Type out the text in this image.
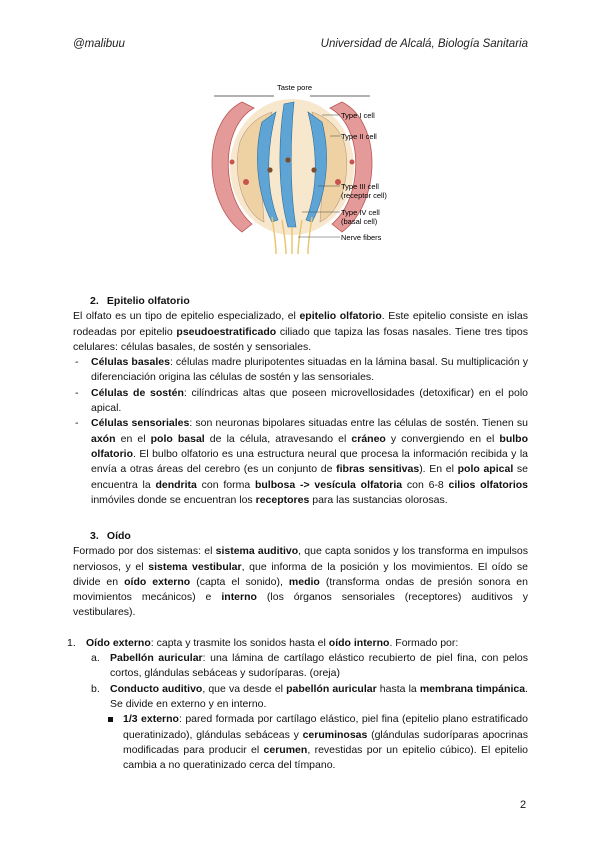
@malibuu	Universidad de Alcalá, Biología Sanitaria
Taste pore
Type I cell
Type II cell
Type III cell
(receptor cell)
Type IV cell
(basal cell)
Nerve fibers
2. Epitelio olfatorio

El olfato es un tipo de epitelio especializado, el epitelio olfatorio. Este epitelio consiste en islas rodeadas por epitelio pseudoestratificado ciliado que tapiza las fosas nasales. Tiene tres tipos celulares: células basales, de sostén y sensoriales.

- Células basales: células madre pluripotentes situadas en la lámina basal. Su multiplicación y diferenciación origina las células de sostén y las sensoriales.
- Células de sostén: cilíndricas altas que poseen microvellosidades (detoxificar) en el polo apical.
- Células sensoriales: son neuronas bipolares situadas entre las células de sostén. Tienen su axón en el polo basal de la célula, atravesando el cráneo y convergiendo en el bulbo olfatorio. El bulbo olfatorio es una estructura neural que procesa la información recibida y la envía a otras áreas del cerebro (es un conjunto de fibras sensitivas). En el polo apical se encuentra la dendrita con forma bulbosa -> vesícula olfatoria con 6-8 cilios olfatorios inmóviles donde se encuentran los receptores para las sustancias olorosas.
3. Oído

Formado por dos sistemas: el sistema auditivo, que capta sonidos y los transforma en impulsos nerviosos, y el sistema vestibular, que informa de la posición y los movimientos. El oído se divide en oído externo (capta el sonido), medio (transforma ondas de presión sonora en movimientos mecánicos) e interno (los órganos sensoriales (receptores) auditivos y vestibulares).

1. Oído externo: capta y trasmite los sonidos hasta el oído interno. Formado por:
a. Pabellón auricular: una lámina de cartílago elástico recubierto de piel fina, con pelos cortos, glándulas sebáceas y sudoríparas. (oreja)
b. Conducto auditivo, que va desde el pabellón auricular hasta la membrana timpánica. Se divide en externo y en interno.
1/3 externo: pared formada por cartílago elástico, piel fina (epitelio plano estratificado queratinizado), glándulas sebáceas y ceruminosas (glándulas sudoríparas apocrinas modificadas para producir el cerumen, revestidas por un epitelio cúbico). El epitelio cambia a no queratinizado cerca del tímpano.
2
